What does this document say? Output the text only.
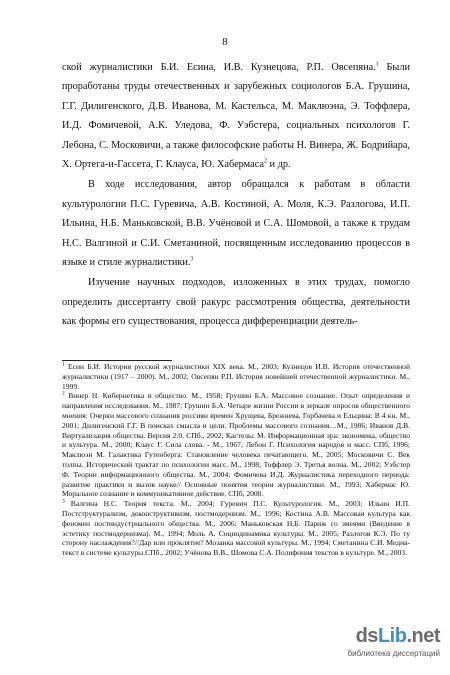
8

ской журналистики Б.И. Есина, И.В. Кузнецова, Р.П. Овсепяна.$^1$ Были проработаны труды отечественных и зарубежных социологов Б.А. Грушина, Г.Г. Дилигенского, Д.В. Иванова, М. Кастельса, М. Маклюэна, Э. Тоффлера, И.Д. Фомичевой, А.К. Уледова, Ф. Уэбстера, социальных психологов Г. Лебона, С. Московичи, а также философские работы Н. Винера, Ж. Бодрийара, Х. Ортега-и-Гассета, Г. Клауса, Ю. Хабермаса$^2$ и др.

В ходе исследования, автор обращался к работам в области культурологии П.С. Гуревича, А.В. Костиной, А. Моля, К.Э. Разлогова, И.П. Ильина, Н.Б. Маньковской, В.В. Учёновой и С.А. Шомовой, а также к трудам Н.С. Валгиной и С.И. Сметаниной, посвященным исследованию процессов в языке и стиле журналистики.$^3$

Изучение научных подходов, изложенных в этих трудах, помогло определить диссертанту свой ракурс рассмотрения общества, деятельности как формы его существования, процесса дифференциации деятель-

$^1$ Есин Б.И. История русской журналистики XIX века. М., 2003; Кузнецов И.В. История отечественной журналистики (1917 – 2000). М., 2002; Овсепян Р.П. История новейшей отечественной журналистики. М., 1999.

$^2$ Винер Н. Кибернетика и общество. М., 1958; Грушин Б.А. Массовое сознание. Опыт определения и направления исследования. М., 1987; Грушин Б.А. Четыре жизни России в зеркале опросов общественного мнения: Очерки массового сознания россиян времен Хрущева, Брежнева, Горбачева и Ельцина: В 4 кн. М., 2001; Дилигенский Г.Г. В поисках смысла и цели. Проблемы массового сознания…М., 1986; Иванов Д.В. Виртуализация общества. Версия 2.0. СПб., 2002; Кастельс М. Информационная эра: экономика, общество и культура. М., 2000; Клаус Г. Сила слова. - М., 1967; Лебон Г. Психология народов и масс. СПб, 1996; Маклюэн М. Галактика Гутенберга: Становление человека печатающего. М., 2005; Московичи С. Век толпы. Исторический трактат по психологии масс. М., 1998; Тоффлер Э. Третья волна. М., 2002; Уэбстер Ф. Теории информационного общества. М., 2004; Фомичева И.Д. Журналистика переходного периода: развитие практики и вызов науке// Основные понятия теории журналистики. М., 1993; Хабермас Ю. Моральное сознание и коммуникативное действие. СПб, 2000.

$^3$ Валгина Н.С. Теория текста. М., 2004; Гуревич П.С. Культурология. М., 2003; Ильин И.П. Постструктурализм, деконструктивизм, постмодернизм. М., 1996; Костина А.В. Массовая культура как феномен постиндустриального общества. М., 2006; Маньковская Н.Б. Париж со змеями (Введение в эстетику постмодернизма). М., 1994; Моль А. Социодинамика культуры. М., 2005; Разлогов К.Э. По ту сторону наслаждения?//Дар или проклятие? Мозаика массовой культуры. М., 1994; Сметанина С.И. Медиа-текст в системе культуры.СПб., 2002; Учёнова В.В., Шомова С.А. Полифония текстов в культуре. М., 2003.

dsLib.net
библиотека диссертаций
